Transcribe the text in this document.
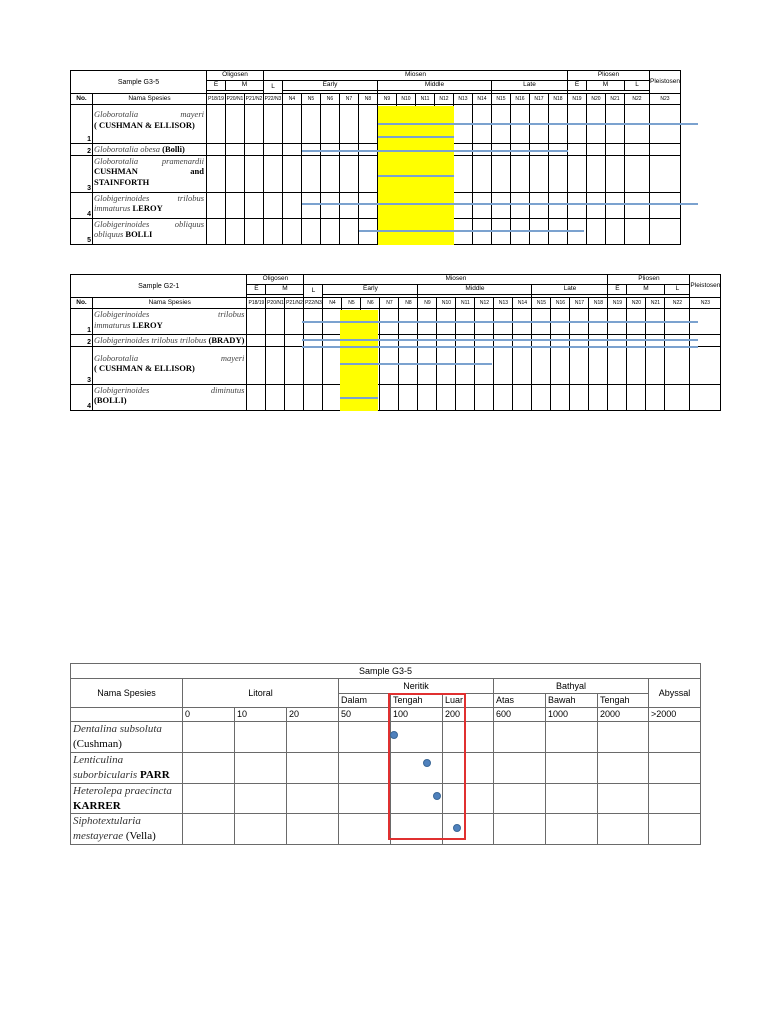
Sample G3-5		Oligosen			Miosen																Pliosen				Pleistosen
		E	M		L	Early					Middle						Late				E	M		L	

No.	Nama Spesies	P18/19	P20/N1	P21/N2	P22/N3	N4	N5	N6	N7	N8	N9	N10	N11	N12	N13	N14	N15	N16	N17	N18	N19	N20	N21	N22	N23
1	Globorotalia mayeri
( CUSHMAN & ELLISOR)																								
2	Globorotalia obesa (Bolli)																								
3	Globorotalia pramenardii
CUSHMAN and STAINFORTH																								

4	Globigerinoides trilobus
immaturus LEROY																								
5	Globigerinoides obliquus
obliquus BOLLI																								
Sample G2-1		Oligosen			Miosen																Pliosen				Pleistosen
		E	M		L	Early					Middle						Late				E	M		L	

No.	Nama Spesies	P18/19	P20/N1	P21/N2	P22/N3	N4	N5	N6	N7	N8	N9	N10	N11	N12	N13	N14	N15	N16	N17	N18	N19	N20	N21	N22	N23
1	Globigerinoides trilobus
immaturus LEROY																								
2	Globigerinoides trilobus trilobus (BRADY)																								
3	Globorotalia mayeri
( CUSHMAN & ELLISOR)																								
4	Globigerinoides diminutus
(BOLLI)																								
Sample G3-5										
Nama Spesies	Litoral			Neritik			Bathyal			Abyssal
				Dalam	Tengah	Luar	Atas	Bawah	Tengah	
	0	10	20	50	100	200	600	1000	2000	>2000
Dentalina subsoluta
(Cushman)										
Lenticulina suborbicularis PARR										
Heterolepa praecincta
KARRER										
Siphotextularia mestayerae (Vella)										
